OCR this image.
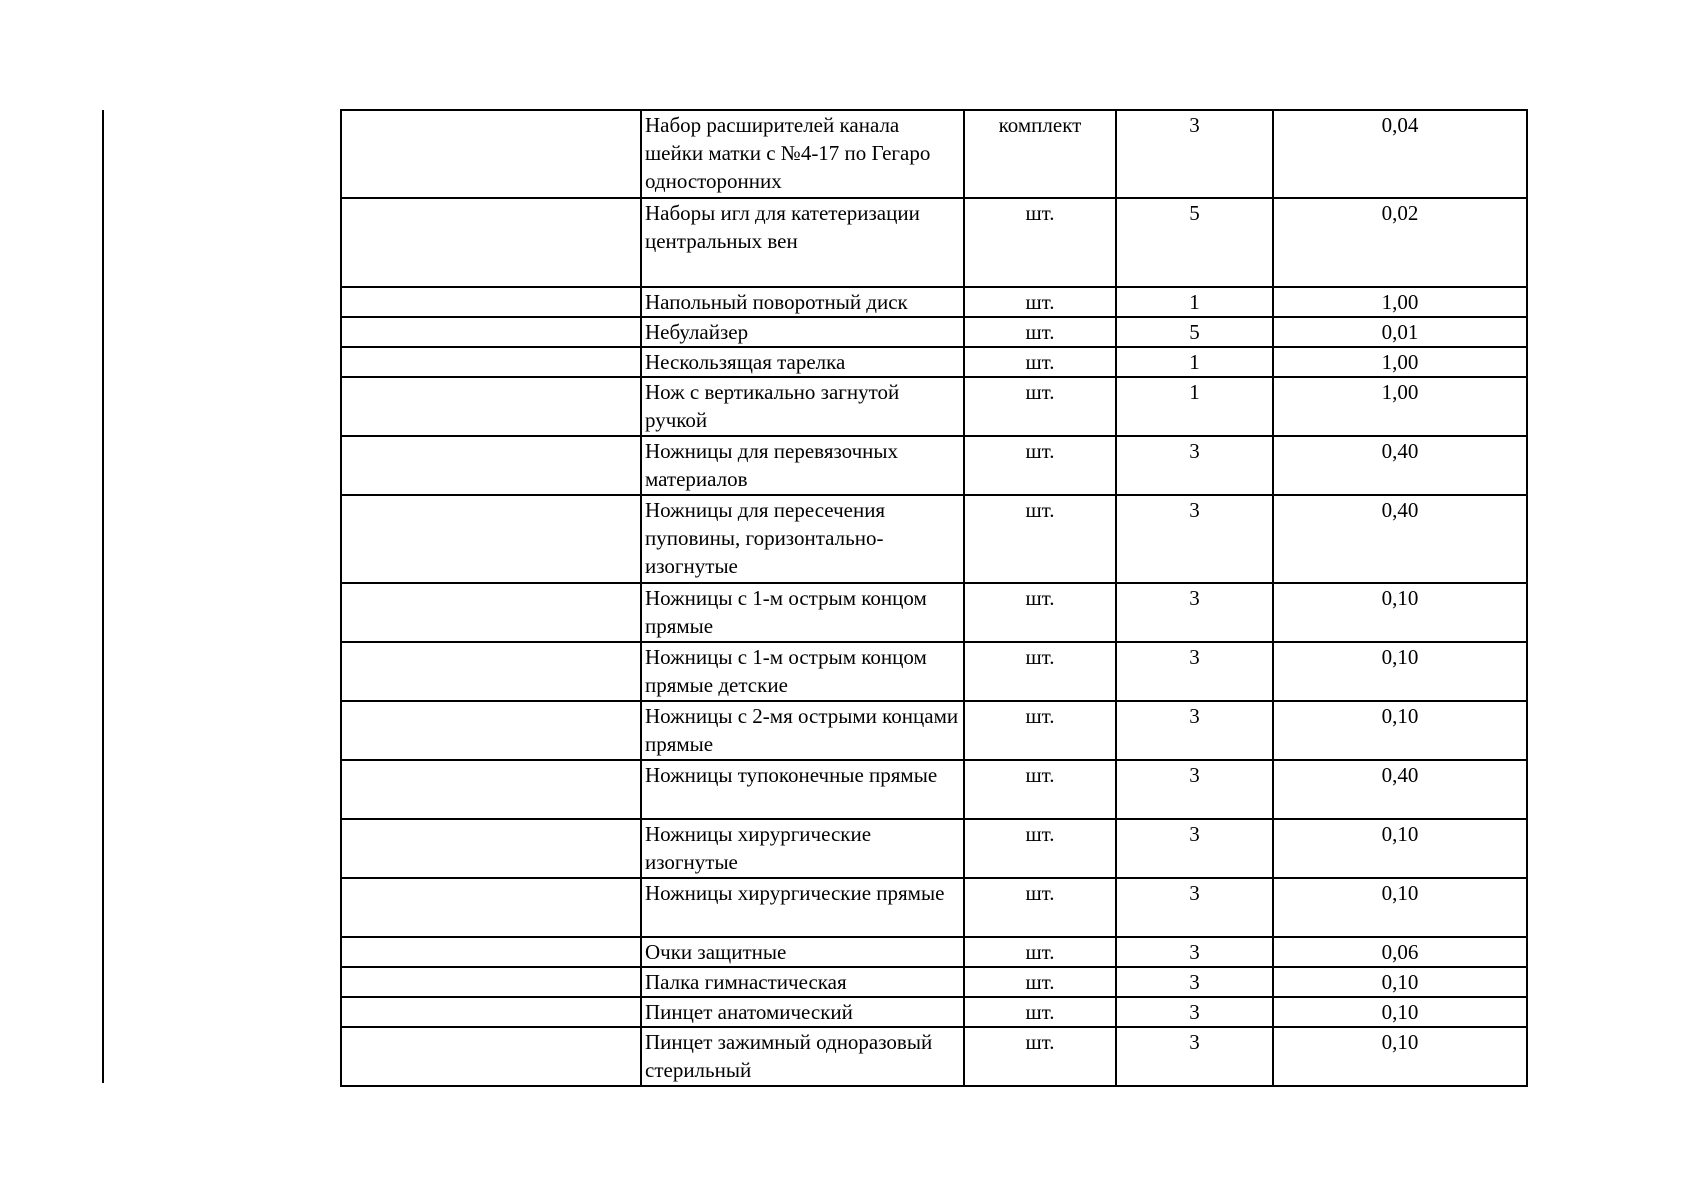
	Набор расширителей канала шейки матки с №4-17 по Гегаро односторонних	комплект	3	0,04
	Наборы игл для катетеризации центральных вен	шт.	5	0,02
	Напольный поворотный диск	шт.	1	1,00
	Небулайзер	шт.	5	0,01
	Нескользящая тарелка	шт.	1	1,00
	Нож с вертикально загнутой ручкой	шт.	1	1,00
	Ножницы для перевязочных материалов	шт.	3	0,40
	Ножницы для пересечения пуповины, горизонтально-изогнутые	шт.	3	0,40
	Ножницы с 1-м острым концом прямые	шт.	3	0,10
	Ножницы с 1-м острым концом прямые детские	шт.	3	0,10
	Ножницы с 2-мя острыми концами прямые	шт.	3	0,10
	Ножницы тупоконечные прямые	шт.	3	0,40
	Ножницы хирургические изогнутые	шт.	3	0,10
	Ножницы хирургические прямые	шт.	3	0,10
	Очки защитные	шт.	3	0,06
	Палка гимнастическая	шт.	3	0,10
	Пинцет анатомический	шт.	3	0,10
	Пинцет зажимный одноразовый стерильный	шт.	3	0,10
